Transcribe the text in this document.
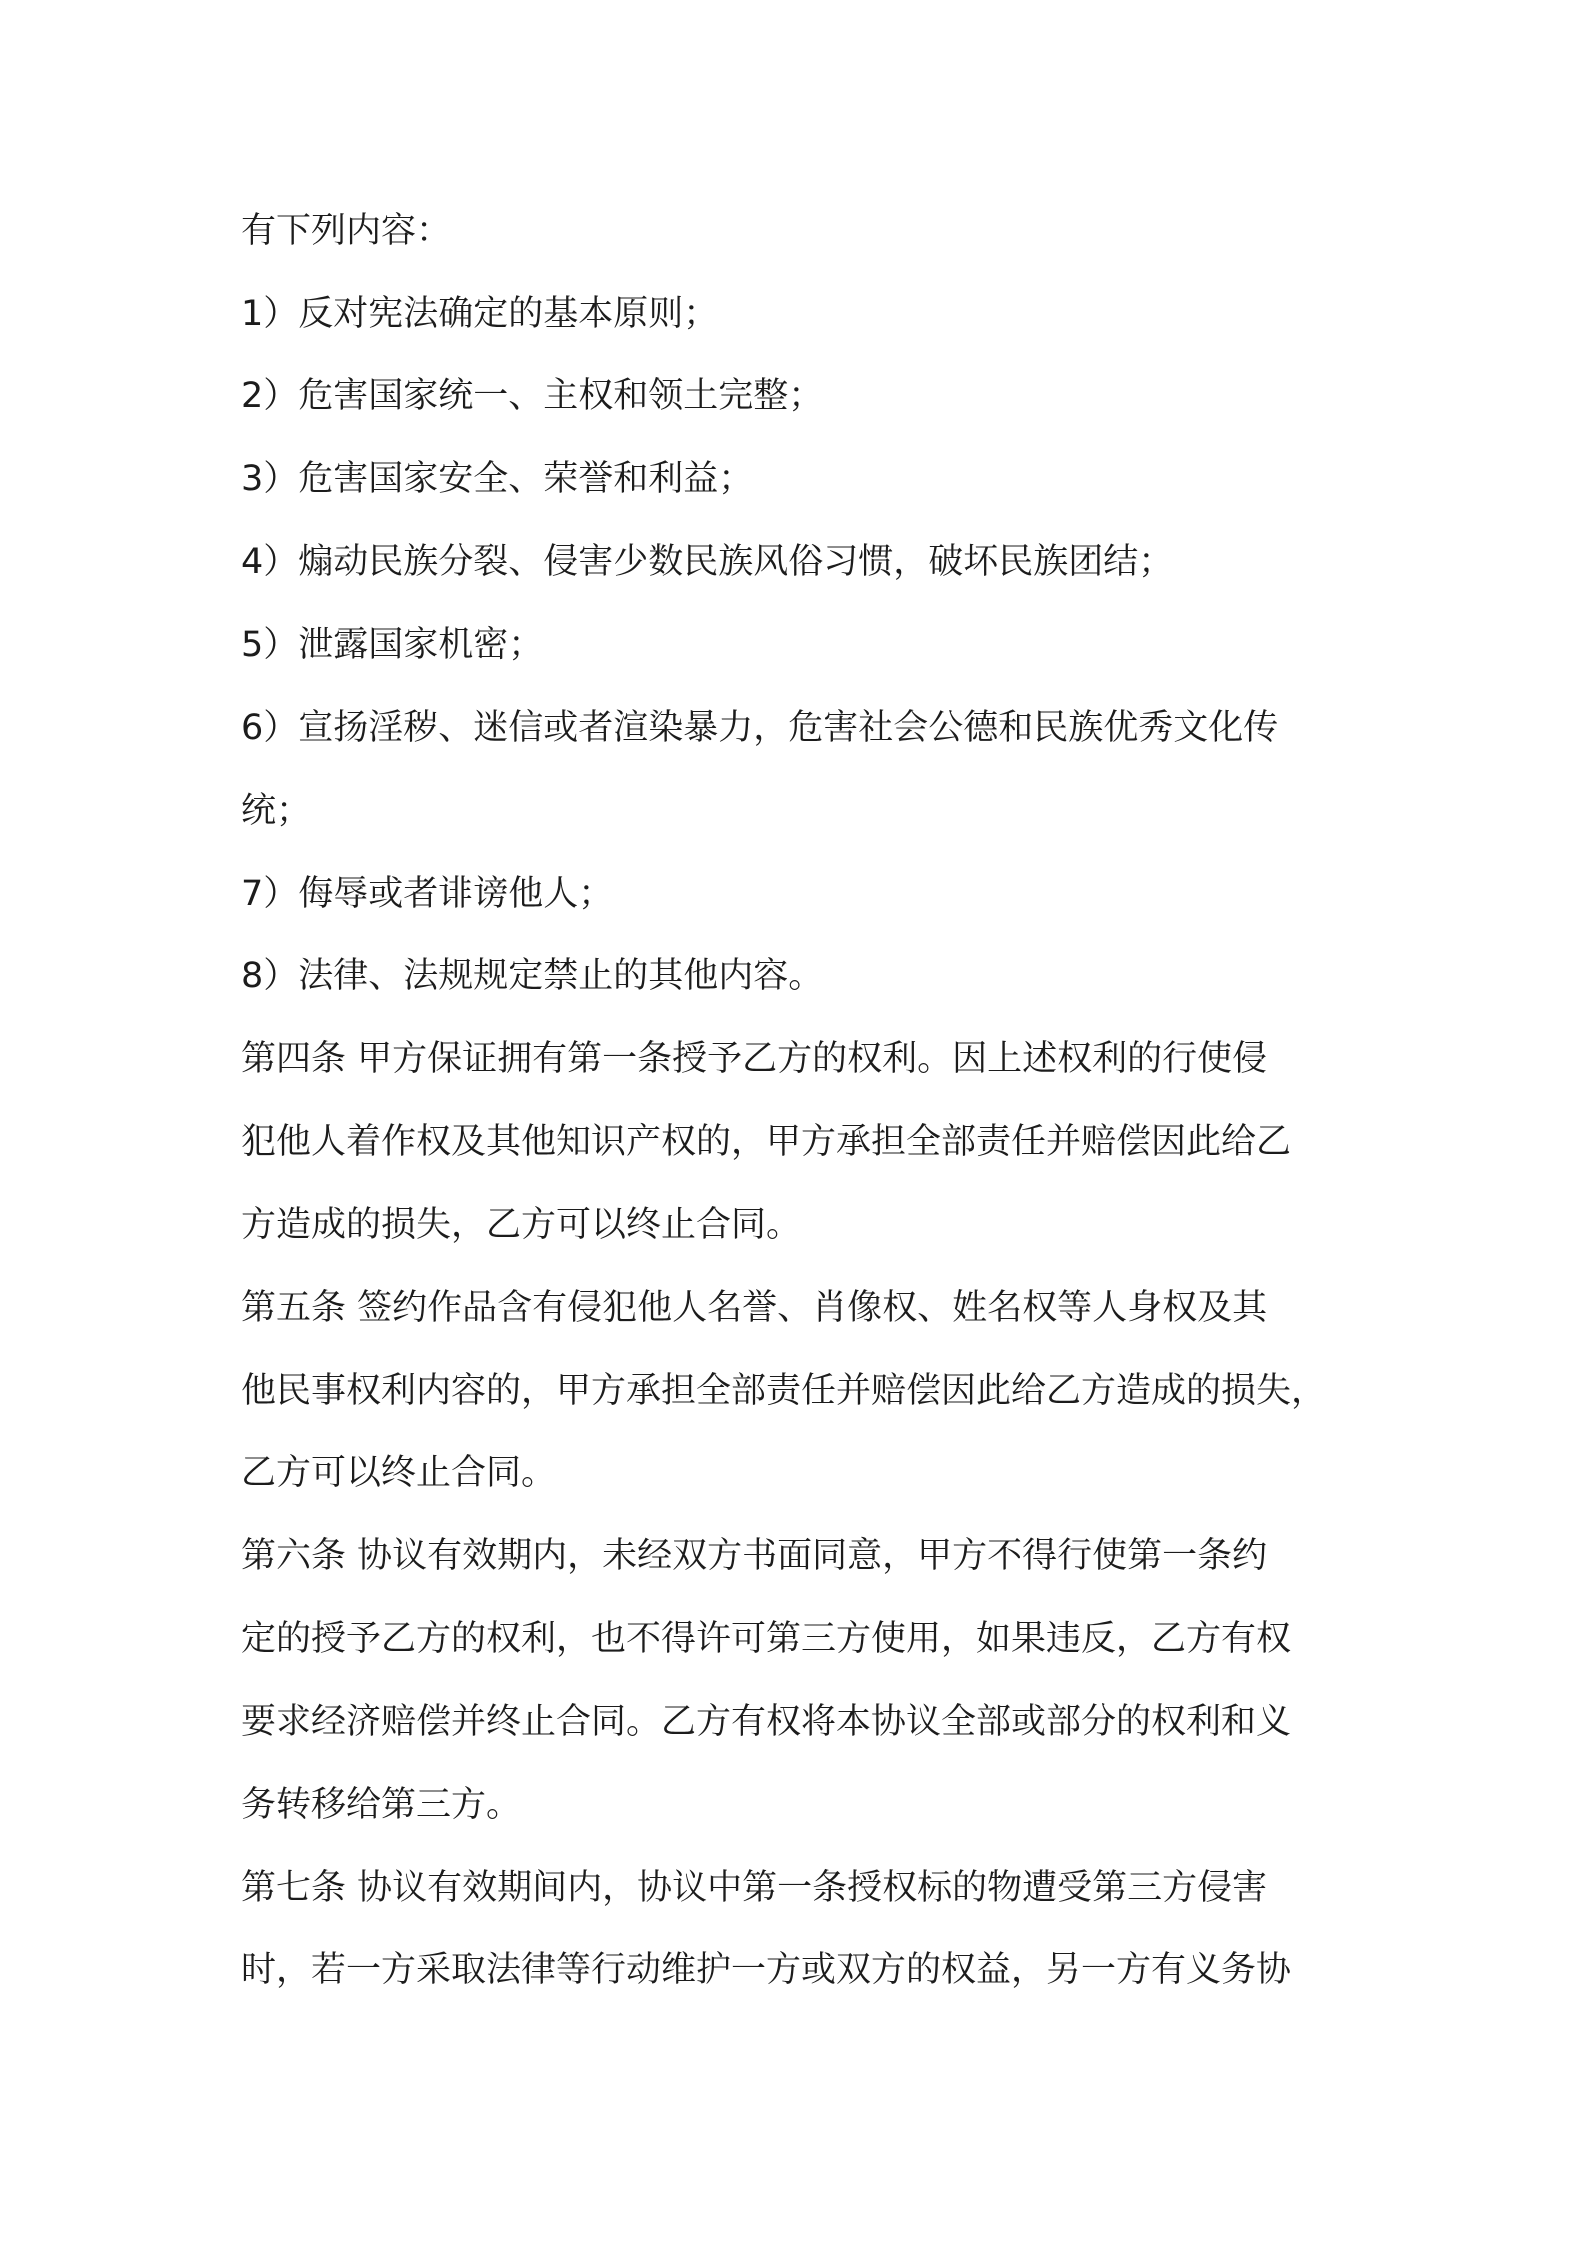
有下列内容：

1）反对宪法确定的基本原则；

2）危害国家统一、主权和领土完整；

3）危害国家安全、荣誉和利益；

4）煽动民族分裂、侵害少数民族风俗习惯，破坏民族团结；

5）泄露国家机密；

6）宣扬淫秽、迷信或者渲染暴力，危害社会公德和民族优秀文化传

统；

7）侮辱或者诽谤他人；

8）法律、法规规定禁止的其他内容。

第四条 甲方保证拥有第一条授予乙方的权利。因上述权利的行使侵

犯他人着作权及其他知识产权的，甲方承担全部责任并赔偿因此给乙

方造成的损失，乙方可以终止合同。

第五条 签约作品含有侵犯他人名誉、肖像权、姓名权等人身权及其

他民事权利内容的，甲方承担全部责任并赔偿因此给乙方造成的损失，

乙方可以终止合同。

第六条 协议有效期内，未经双方书面同意，甲方不得行使第一条约

定的授予乙方的权利，也不得许可第三方使用，如果违反，乙方有权

要求经济赔偿并终止合同。乙方有权将本协议全部或部分的权利和义

务转移给第三方。

第七条 协议有效期间内，协议中第一条授权标的物遭受第三方侵害

时，若一方采取法律等行动维护一方或双方的权益，另一方有义务协
